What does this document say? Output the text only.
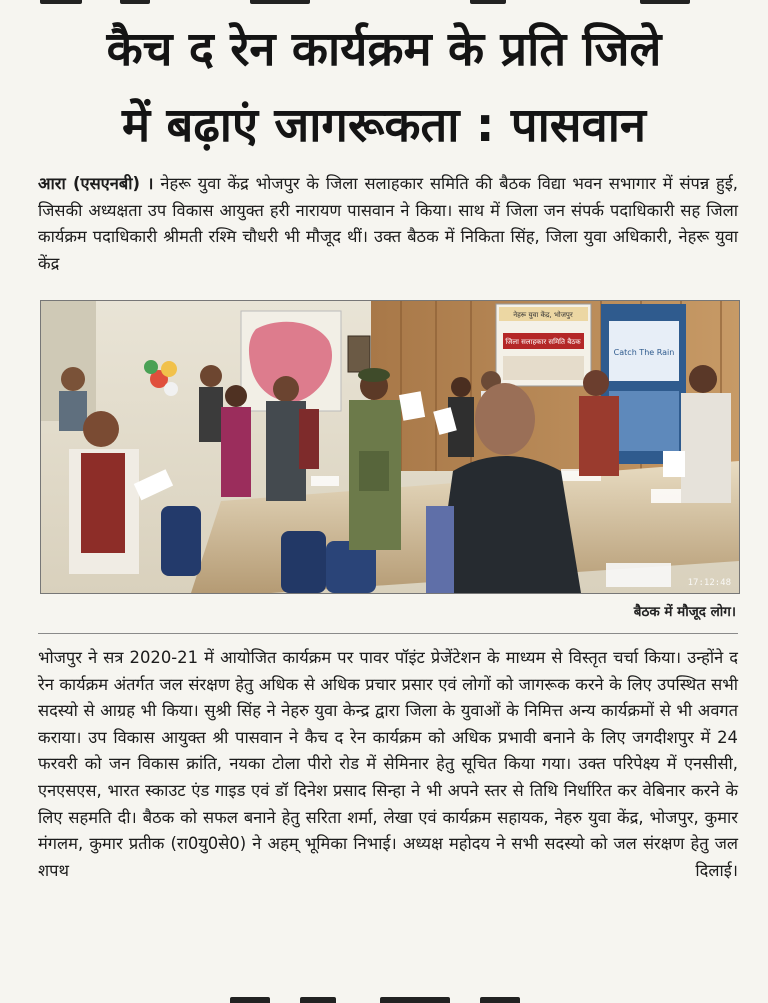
कैच द रेन कार्यक्रम के प्रति जिले
में बढ़ाएं जागरूकता : पासवान

आरा (एसएनबी) । नेहरू युवा केंद्र भोजपुर के जिला सलाहकार समिति की बैठक विद्या भवन सभागार में संपन्न हुई, जिसकी अध्यक्षता उप विकास आयुक्त हरी नारायण पासवान ने किया। साथ में जिला जन संपर्क पदाधिकारी सह जिला कार्यक्रम पदाधिकारी श्रीमती रश्मि चौधरी भी मौजूद थीं। उक्त बैठक में निकिता सिंह, जिला युवा अधिकारी, नेहरू युवा केंद्र

नेहरू युवा केंद्र, भोजपुर
जिला सलाहकार समिति बैठक
Catch The Rain
17:12:48
बैठक में मौजूद लोग।

भोजपुर ने सत्र 2020-21 में आयोजित कार्यक्रम पर पावर पॉइंट प्रेजेंटेशन के माध्यम से विस्तृत चर्चा किया। उन्होंने द रेन कार्यक्रम अंतर्गत जल संरक्षण हेतु अधिक से अधिक प्रचार प्रसार एवं लोगों को जागरूक करने के लिए उपस्थित सभी सदस्यो से आग्रह भी किया। सुश्री सिंह ने नेहरु युवा केन्द्र द्वारा जिला के युवाओं के निमित्त अन्य कार्यक्रमों से भी अवगत कराया। उप विकास आयुक्त श्री पासवान ने कैच द रेन कार्यक्रम को अधिक प्रभावी बनाने के लिए जगदीशपुर में 24 फरवरी को जन विकास क्रांति, नयका टोला पीरो रोड में सेमिनार हेतु सूचित किया गया। उक्त परिपेक्ष्य में एनसीसी, एनएसएस, भारत स्काउट एंड गाइड एवं डॉ दिनेश प्रसाद सिन्हा ने भी अपने स्तर से तिथि निर्धारित कर वेबिनार करने के लिए सहमति दी। बैठक को सफल बनाने हेतु सरिता शर्मा, लेखा एवं कार्यक्रम सहायक, नेहरु युवा केंद्र, भोजपुर, कुमार मंगलम, कुमार प्रतीक (रा0यु0से0) ने अहम् भूमिका निभाई। अध्यक्ष महोदय ने सभी सदस्यो को जल संरक्षण हेतु जल शपथ दिलाई।
